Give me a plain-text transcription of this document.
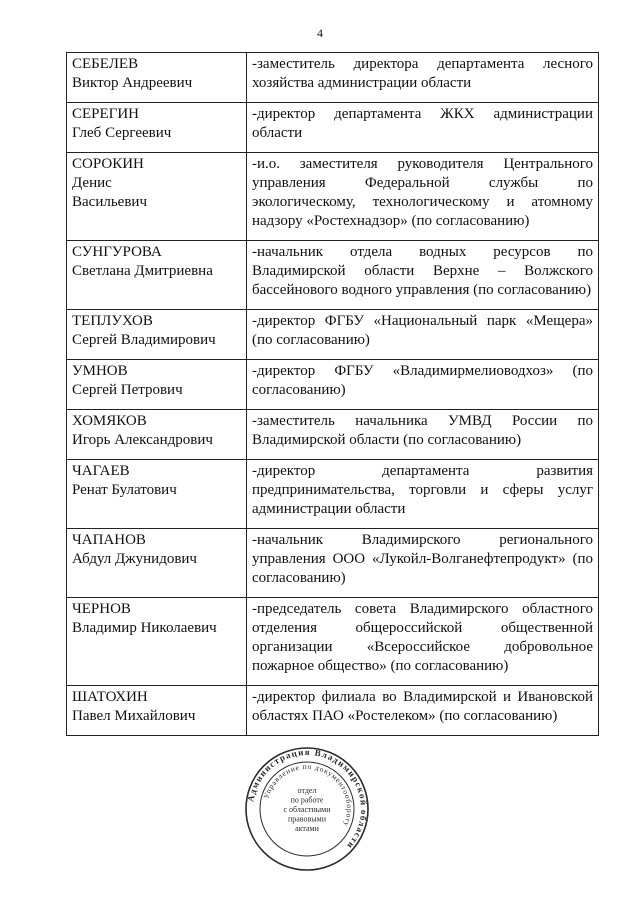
4
СЕБЕЛЕВ
Виктор Андреевич	-заместитель директора департамента лесного хозяйства администрации области
СЕРЕГИН
Глеб Сергеевич	-директор департамента ЖКХ администрации области
СОРОКИН
Денис
Васильевич	-и.о. заместителя руководителя Центрального управления Федеральной службы по экологическому, технологическому и атомному надзору «Ростехнадзор» (по согласованию)
СУНГУРОВА
Светлана Дмитриевна	-начальник отдела водных ресурсов по Владимирской области Верхне – Волжского бассейнового водного управления (по согласованию)
ТЕПЛУХОВ
Сергей Владимирович	-директор ФГБУ «Национальный парк «Мещера» (по согласованию)
УМНОВ
Сергей Петрович	-директор ФГБУ «Владимирмелиоводхоз» (по согласованию)
ХОМЯКОВ
Игорь Александрович	-заместитель начальника УМВД России по Владимирской области (по согласованию)
ЧАГАЕВ
Ренат Булатович	-директор департамента развития предпринимательства, торговли и сферы услуг администрации области
ЧАПАНОВ
Абдул Джунидович	-начальник Владимирского регионального управления ООО «Лукойл-Волганефтепродукт» (по согласованию)
ЧЕРНОВ
Владимир Николаевич	-председатель совета Владимирского областного отделения общероссийской общественной организации «Всероссийское добровольное пожарное общество» (по согласованию)
ШАТОХИН
Павел Михайлович	-директор филиала во Владимирской и Ивановской областях ПАО «Ростелеком» (по согласованию)
Администрация Владимирской области
Управление по документообороту
отдел
по работе
с областными
правовыми
актами
